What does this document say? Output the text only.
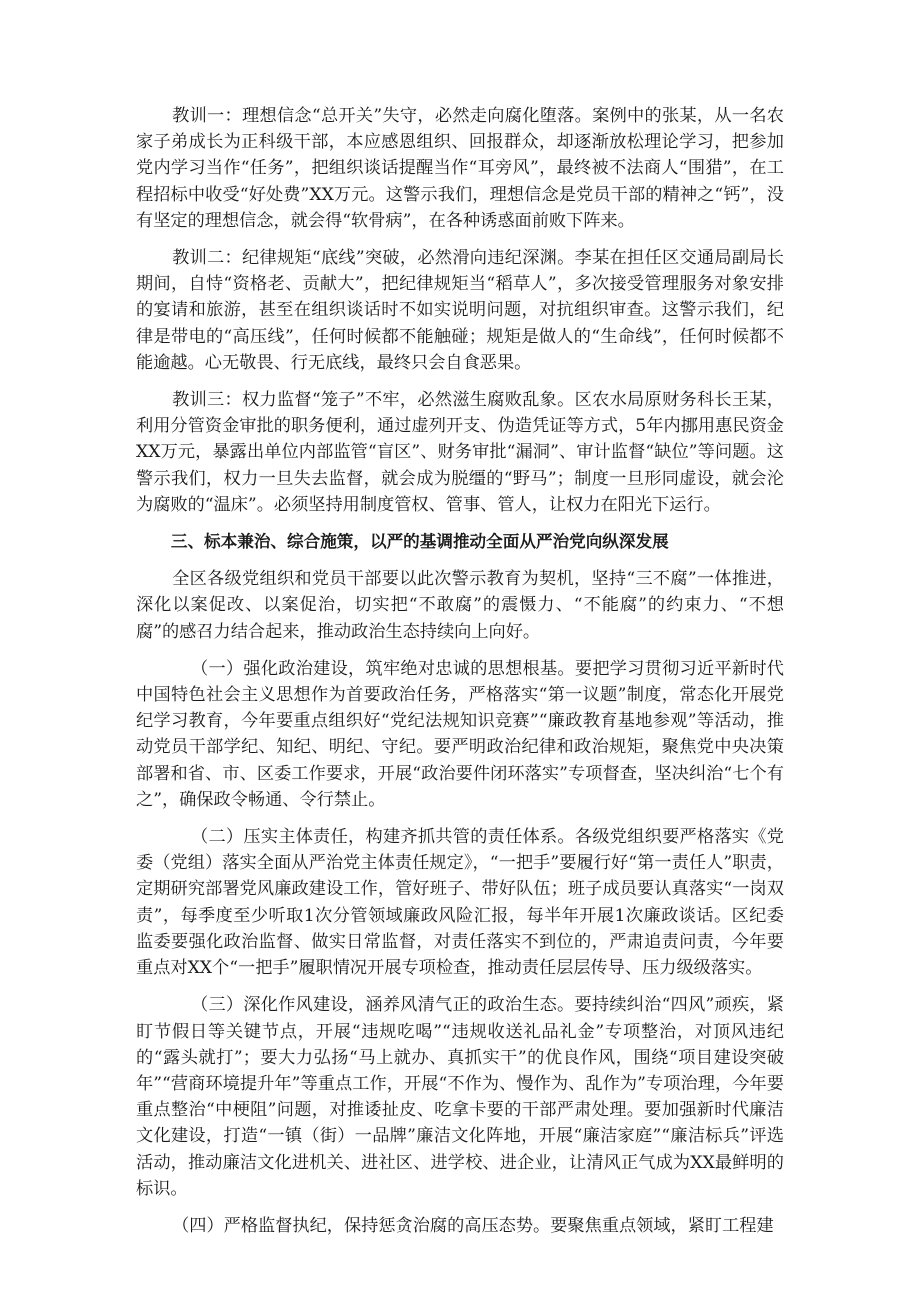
教训一：理想信念“总开关”失守，必然走向腐化堕落。案例中的张某，从一名农家子弟成长为正科级干部，本应感恩组织、回报群众，却逐渐放松理论学习，把参加党内学习当作“任务”，把组织谈话提醒当作“耳旁风”，最终被不法商人“围猎”，在工程招标中收受“好处费”XX万元。这警示我们，理想信念是党员干部的精神之“钙”，没有坚定的理想信念，就会得“软骨病”，在各种诱惑面前败下阵来。

教训二：纪律规矩“底线”突破，必然滑向违纪深渊。李某在担任区交通局副局长期间，自恃“资格老、贡献大”，把纪律规矩当“稻草人”，多次接受管理服务对象安排的宴请和旅游，甚至在组织谈话时不如实说明问题，对抗组织审查。这警示我们，纪律是带电的“高压线”，任何时候都不能触碰；规矩是做人的“生命线”，任何时候都不能逾越。心无敬畏、行无底线，最终只会自食恶果。

教训三：权力监督“笼子”不牢，必然滋生腐败乱象。区农水局原财务科长王某，利用分管资金审批的职务便利，通过虚列开支、伪造凭证等方式，5年内挪用惠民资金XX万元，暴露出单位内部监管“盲区”、财务审批“漏洞”、审计监督“缺位”等问题。这警示我们，权力一旦失去监督，就会成为脱缰的“野马”；制度一旦形同虚设，就会沦为腐败的“温床”。必须坚持用制度管权、管事、管人，让权力在阳光下运行。

三、标本兼治、综合施策，以严的基调推动全面从严治党向纵深发展

全区各级党组织和党员干部要以此次警示教育为契机，坚持“三不腐”一体推进，深化以案促改、以案促治，切实把“不敢腐”的震慑力、“不能腐”的约束力、“不想腐”的感召力结合起来，推动政治生态持续向上向好。

（一）强化政治建设，筑牢绝对忠诚的思想根基。要把学习贯彻习近平新时代中国特色社会主义思想作为首要政治任务，严格落实“第一议题”制度，常态化开展党纪学习教育，今年要重点组织好“党纪法规知识竞赛”“廉政教育基地参观”等活动，推动党员干部学纪、知纪、明纪、守纪。要严明政治纪律和政治规矩，聚焦党中央决策部署和省、市、区委工作要求，开展“政治要件闭环落实”专项督查，坚决纠治“七个有之”，确保政令畅通、令行禁止。

（二）压实主体责任，构建齐抓共管的责任体系。各级党组织要严格落实《党委（党组）落实全面从严治党主体责任规定》，“一把手”要履行好“第一责任人”职责，定期研究部署党风廉政建设工作，管好班子、带好队伍；班子成员要认真落实“一岗双责”，每季度至少听取1次分管领域廉政风险汇报，每半年开展1次廉政谈话。区纪委监委要强化政治监督、做实日常监督，对责任落实不到位的，严肃追责问责，今年要重点对XX个“一把手”履职情况开展专项检查，推动责任层层传导、压力级级落实。

（三）深化作风建设，涵养风清气正的政治生态。要持续纠治“四风”顽疾，紧盯节假日等关键节点，开展“违规吃喝”“违规收送礼品礼金”专项整治，对顶风违纪的“露头就打”；要大力弘扬“马上就办、真抓实干”的优良作风，围绕“项目建设突破年”“营商环境提升年”等重点工作，开展“不作为、慢作为、乱作为”专项治理，今年要重点整治“中梗阻”问题，对推诿扯皮、吃拿卡要的干部严肃处理。要加强新时代廉洁文化建设，打造“一镇（街）一品牌”廉洁文化阵地，开展“廉洁家庭”“廉洁标兵”评选活动，推动廉洁文化进机关、进社区、进学校、进企业，让清风正气成为XX最鲜明的标识。

（四）严格监督执纪，保持惩贪治腐的高压态势。要聚焦重点领域，紧盯工程建
